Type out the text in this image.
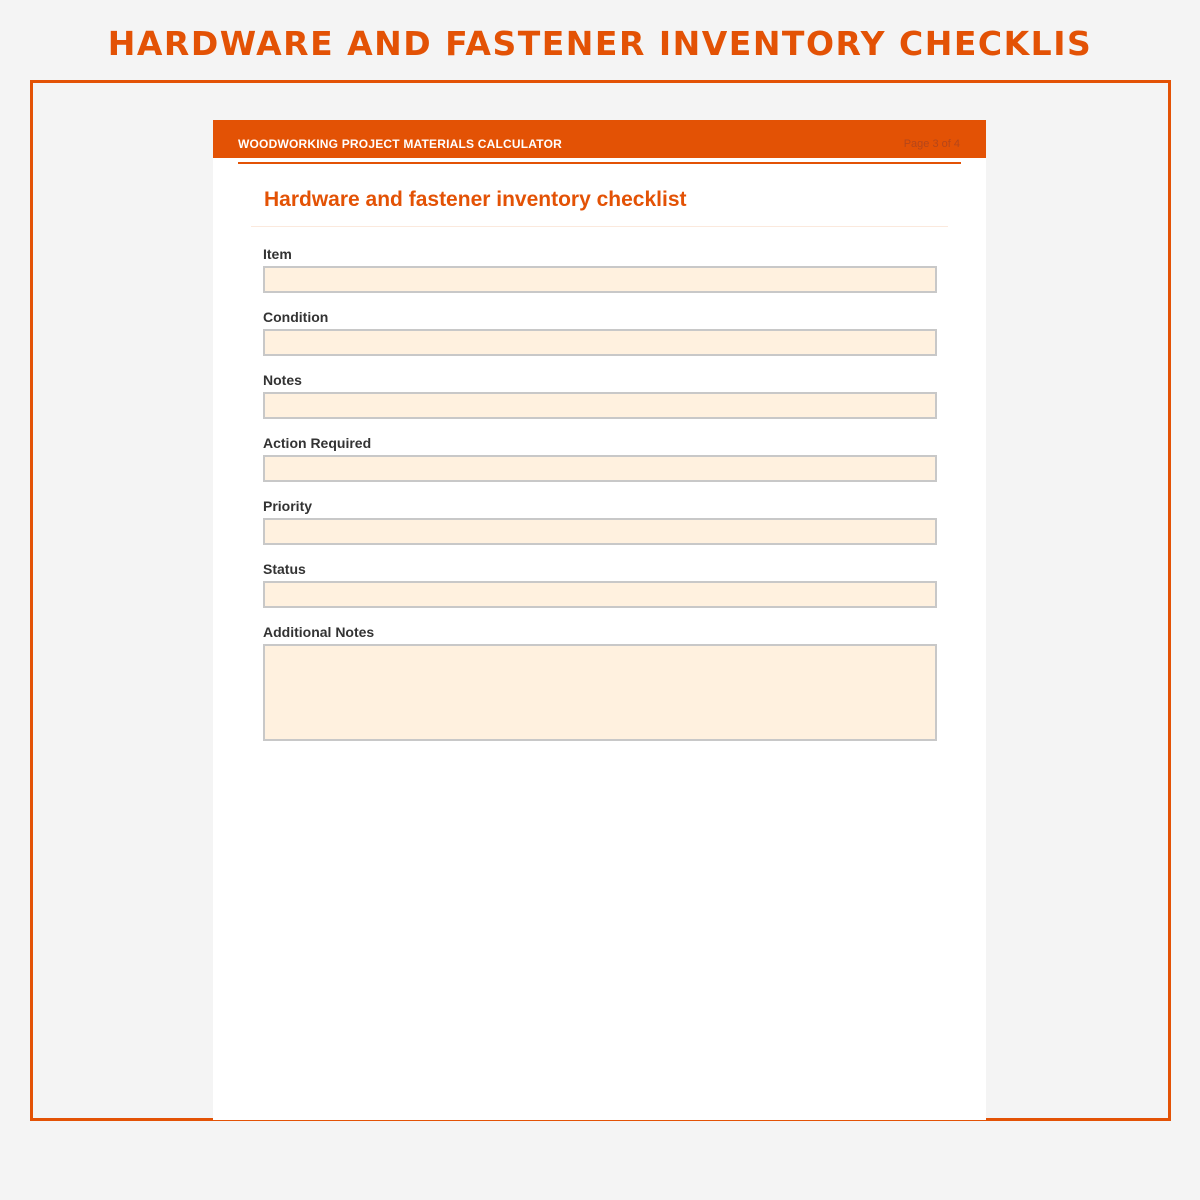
HARDWARE AND FASTENER INVENTORY CHECKLIS
WOODWORKING PROJECT MATERIALS CALCULATOR	Page 3 of 4
Hardware and fastener inventory checklist
Item
Condition
Notes
Action Required
Priority
Status
Additional Notes
